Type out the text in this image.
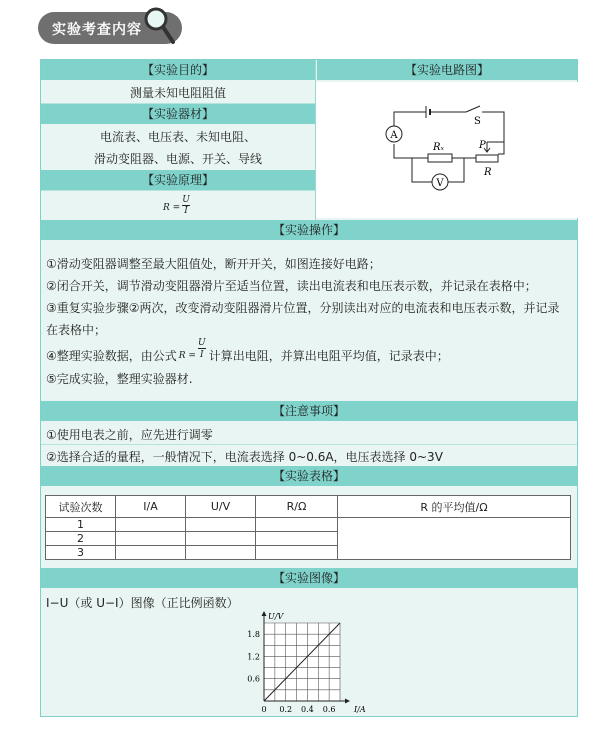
实验考查内容
【实验目的】
测量未知电阻阻值
【实验电路图】
【实验器材】
电流表、电压表、未知电阻、
滑动变阻器、电源、开关、导线
【实验原理】
R =
U
I
A
V
S
Rₓ	P
R
【实验操作】

①滑动变阻器调整至最大阻值处，断开开关，如图连接好电路；

②闭合开关，调节滑动变阻器滑片至适当位置，读出电流表和电压表示数，并记录在表格中；

③重复实验步骤②两次，改变滑动变阻器滑片位置，分别读出对应的电流表和电压表示数，并记录

在表格中；

④整理实验数据，由公式 R =
U
I 计算出电阻，并算出电阻平均值，记录表中；

⑤完成实验，整理实验器材.

【注意事项】
①使用电表之前，应先进行调零
②选择合适的量程，一般情况下，电流表选择 0~0.6A，电压表选择 0~3V
【实验表格】
试验次数	I/A	U/V	R/Ω	R 的平均值/Ω
1				
2				
3				
【实验图像】
I−U（或 U−I）图像（正比例函数）
0 0.2 0.4 0.6
0.6
1.2
1.8
I/A
U/V
